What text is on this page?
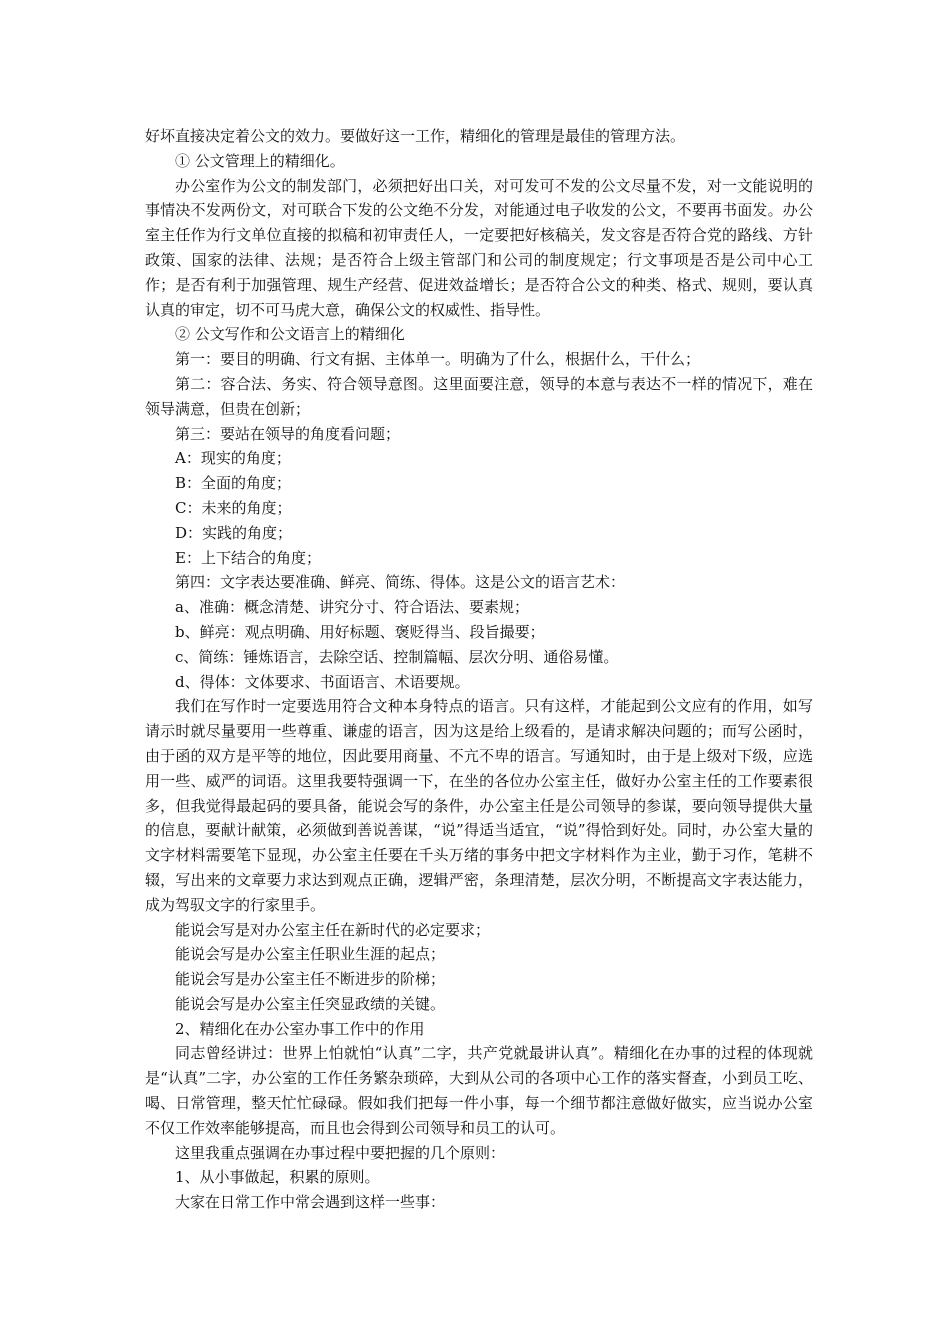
好坏直接决定着公文的效力。要做好这一工作，精细化的管理是最佳的管理方法。

① 公文管理上的精细化。

办公室作为公文的制发部门，必须把好出口关，对可发可不发的公文尽量不发，对一文能说明的事情决不发两份文，对可联合下发的公文绝不分发，对能通过电子收发的公文，不要再书面发。办公室主任作为行文单位直接的拟稿和初审责任人，一定要把好核稿关，发文容是否符合党的路线、方针政策、国家的法律、法规；是否符合上级主管部门和公司的制度规定；行文事项是否是公司中心工作；是否有利于加强管理、规生产经营、促进效益增长；是否符合公文的种类、格式、规则，要认真认真的审定，切不可马虎大意，确保公文的权威性、指导性。

② 公文写作和公文语言上的精细化

第一：要目的明确、行文有据、主体单一。明确为了什么，根据什么，干什么；

第二：容合法、务实、符合领导意图。这里面要注意，领导的本意与表达不一样的情况下，难在领导满意，但贵在创新；

第三：要站在领导的角度看问题；

A：现实的角度；

B：全面的角度；

C：未来的角度；

D：实践的角度；

E：上下结合的角度；

第四：文字表达要准确、鲜亮、简练、得体。这是公文的语言艺术：

a、准确：概念清楚、讲究分寸、符合语法、要素规；

b、鲜亮：观点明确、用好标题、褒贬得当、段旨撮要；

c、简练：锤炼语言，去除空话、控制篇幅、层次分明、通俗易懂。

d、得体：文体要求、书面语言、术语要规。

我们在写作时一定要选用符合文种本身特点的语言。只有这样，才能起到公文应有的作用，如写请示时就尽量要用一些尊重、谦虚的语言，因为这是给上级看的，是请求解决问题的；而写公函时，由于函的双方是平等的地位，因此要用商量、不亢不卑的语言。写通知时，由于是上级对下级，应选用一些、威严的词语。这里我要特强调一下，在坐的各位办公室主任，做好办公室主任的工作要素很多，但我觉得最起码的要具备，能说会写的条件，办公室主任是公司领导的参谋，要向领导提供大量的信息，要献计献策，必须做到善说善谋，“说”得适当适宜，“说”得恰到好处。同时，办公室大量的文字材料需要笔下显现，办公室主任要在千头万绪的事务中把文字材料作为主业，勤于习作，笔耕不辍，写出来的文章要力求达到观点正确，逻辑严密，条理清楚，层次分明，不断提高文字表达能力，成为驾驭文字的行家里手。

能说会写是对办公室主任在新时代的必定要求；

能说会写是办公室主任职业生涯的起点；

能说会写是办公室主任不断进步的阶梯；

能说会写是办公室主任突显政绩的关键。

2、精细化在办公室办事工作中的作用

同志曾经讲过：世界上怕就怕“认真”二字，共产党就最讲认真”。精细化在办事的过程的体现就是“认真”二字，办公室的工作任务繁杂琐碎，大到从公司的各项中心工作的落实督查，小到员工吃、喝、日常管理，整天忙忙碌碌。假如我们把每一件小事，每一个细节都注意做好做实，应当说办公室不仅工作效率能够提高，而且也会得到公司领导和员工的认可。

这里我重点强调在办事过程中要把握的几个原则：

1、从小事做起，积累的原则。

大家在日常工作中常会遇到这样一些事：
